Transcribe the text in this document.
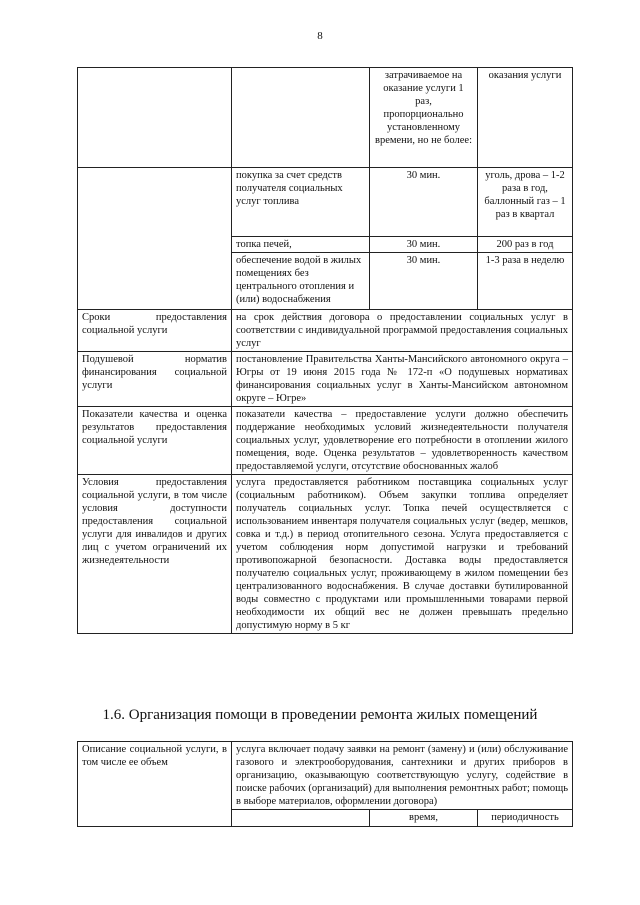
8
		затрачиваемое на оказание услуги 1 раз, пропорционально установленному времени, но не более:	оказания услуги
	покупка за счет средств получателя социальных услуг топлива	30 мин.	уголь, дрова – 1-2 раза в год, баллонный газ – 1 раз в квартал
	топка печей,	30 мин.	200 раз в год
	обеспечение водой в жилых помещениях без центрального отопления и (или) водоснабжения	30 мин.	1-3 раза в неделю
Сроки предоставления социальной услуги	на срок действия договора о предоставлении социальных услуг в соответствии с индивидуальной программой предоставления социальных услуг		
Подушевой норматив финансирования социальной услуги	постановление Правительства Ханты-Мансийского автономного округа – Югры от 19 июня 2015 года № 172-п «О подушевых нормативах финансирования социальных услуг в Ханты-Мансийском автономном округе – Югре»		
Показатели качества и оценка результатов предоставления социальной услуги	показатели качества – предоставление услуги должно обеспечить поддержание необходимых условий жизнедеятельности получателя социальных услуг, удовлетворение его потребности в отоплении жилого помещения, воде. Оценка результатов – удовлетворенность качеством предоставляемой услуги, отсутствие обоснованных жалоб		
Условия предоставления социальной услуги, в том числе условия доступности предоставления социальной услуги для инвалидов и других лиц с учетом ограничений их жизнедеятельности	услуга предоставляется работником поставщика социальных услуг (социальным работником). Объем закупки топлива определяет получатель социальных услуг. Топка печей осуществляется с использованием инвентаря получателя социальных услуг (ведер, мешков, совка и т.д.) в период отопительного сезона. Услуга предоставляется с учетом соблюдения норм допустимой нагрузки и требований противопожарной безопасности. Доставка воды предоставляется получателю социальных услуг, проживающему в жилом помещении без централизованного водоснабжения. В случае доставки бутилированной воды совместно с продуктами или промышленными товарами первой необходимости их общий вес не должен превышать предельно допустимую норму в 5 кг		
1.6. Организация помощи в проведении ремонта жилых помещений
Описание социальной услуги, в том числе ее объем	услуга включает подачу заявки на ремонт (замену) и (или) обслуживание газового и электрооборудования, сантехники и других приборов в организацию, оказывающую соответствующую услугу, содействие в поиске рабочих (организаций) для выполнения ремонтных работ; помощь в выборе материалов, оформлении договора)		
		время,	периодичность
